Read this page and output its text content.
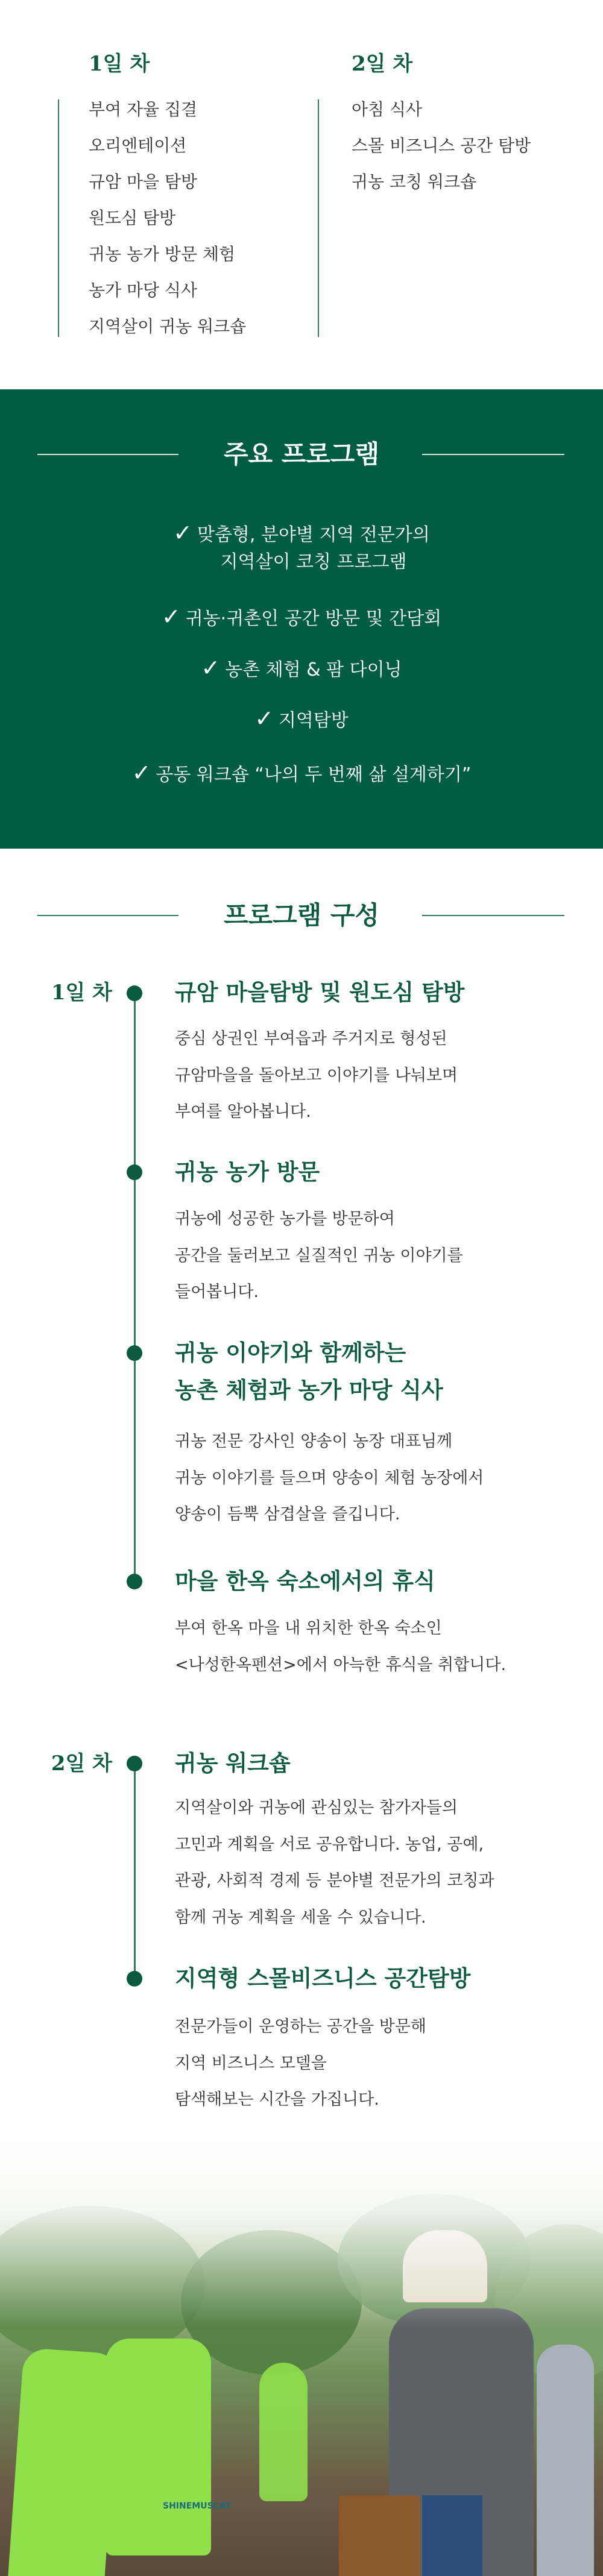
1일 차	2일 차
부여 자율 집결
오리엔테이션
규암 마을 탐방
원도심 탐방
귀농 농가 방문 체험
농가 마당 식사
지역살이 귀농 워크숍
아침 식사
스몰 비즈니스 공간 탐방
귀농 코칭 워크숍
주요 프로그램
✓ 맞춤형, 분야별 지역 전문가의
지역살이 코칭 프로그램
✓ 귀농·귀촌인 공간 방문 및 간담회
✓ 농촌 체험 & 팜 다이닝
✓ 지역탐방
✓ 공동 워크숍 “나의 두 번째 삶 설계하기”
프로그램 구성
1일 차	규암 마을탐방 및 원도심 탐방
중심 상권인 부여읍과 주거지로 형성된
규암마을을 돌아보고 이야기를 나눠보며
부여를 알아봅니다.
귀농 농가 방문
귀농에 성공한 농가를 방문하여
공간을 둘러보고 실질적인 귀농 이야기를
들어봅니다.
귀농 이야기와 함께하는
농촌 체험과 농가 마당 식사
귀농 전문 강사인 양송이 농장 대표님께
귀농 이야기를 들으며 양송이 체험 농장에서
양송이 듬뿍 삼겹살을 즐깁니다.
마을 한옥 숙소에서의 휴식
부여 한옥 마을 내 위치한 한옥 숙소인
<나성한옥펜션>에서 아늑한 휴식을 취합니다.
2일 차	귀농 워크숍
지역살이와 귀농에 관심있는 참가자들의
고민과 계획을 서로 공유합니다. 농업, 공예,
관광, 사회적 경제 등 분야별 전문가의 코칭과
함께 귀농 계획을 세울 수 있습니다.
지역형 스몰비즈니스 공간탐방
전문가들이 운영하는 공간을 방문해
지역 비즈니스 모델을
탐색해보는 시간을 가집니다.
SHINEMUSCAT
